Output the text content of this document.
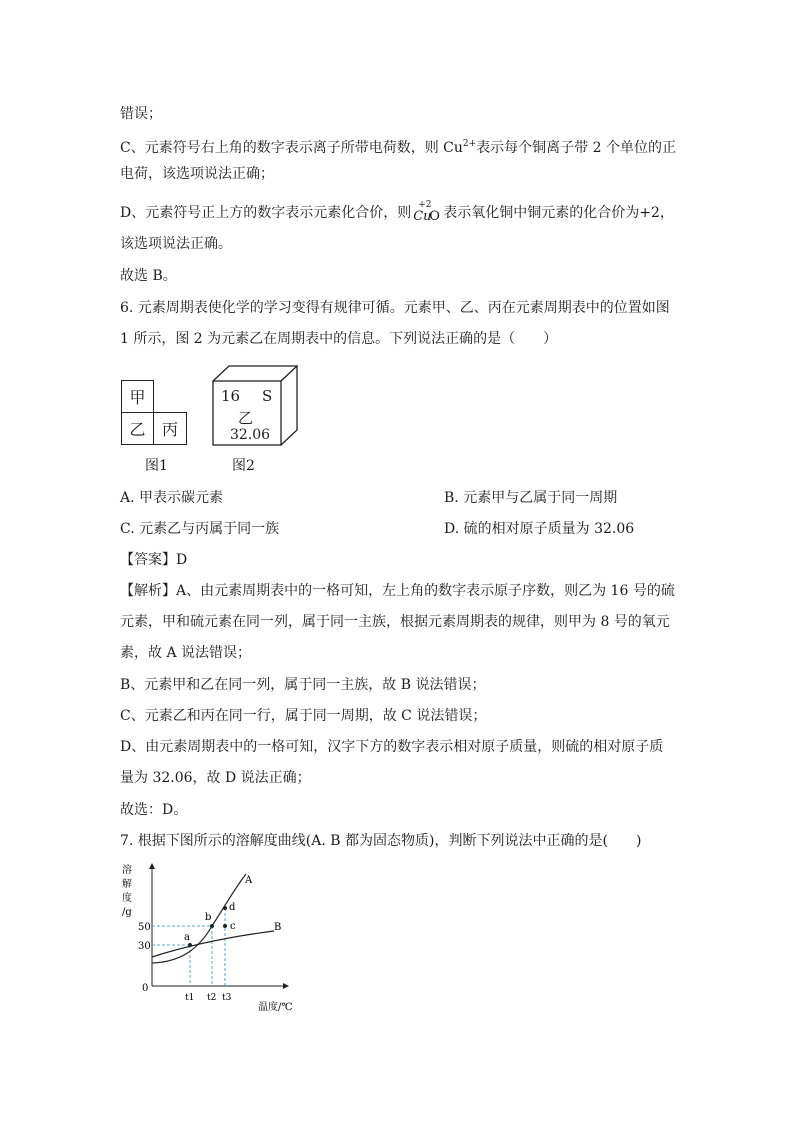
错误；
C、元素符号右上角的数字表示离子所带电荷数，则 $Cu^{2+}$表示每个铜离子带 2 个单位的正
电荷，该选项说法正确；
D、元素符号正上方的数字表示元素化合价，则 +2
Cu
O 表示氧化铜中铜元素的化合价为+2，
该选项说法正确。
故选 B。
6. 元素周期表使化学的学习变得有规律可循。元素甲、乙、丙在元素周期表中的位置如图
1 所示，图 2 为元素乙在周期表中的信息。下列说法正确的是（　　）
甲
乙 丙
图1
16 S
乙
32.06
图2
A. 甲表示碳元素	B. 元素甲与乙属于同一周期
C. 元素乙与丙属于同一族	D. 硫的相对原子质量为 32.06
【答案】D
【解析】A、由元素周期表中的一格可知，左上角的数字表示原子序数，则乙为 16 号的硫
元素，甲和硫元素在同一列，属于同一主族，根据元素周期表的规律，则甲为 8 号的氧元
素，故 A 说法错误；
B、元素甲和乙在同一列，属于同一主族，故 B 说法错误；
C、元素乙和丙在同一行，属于同一周期，故 C 说法错误；
D、由元素周期表中的一格可知，汉字下方的数字表示相对原子质量，则硫的相对原子质
量为 32.06，故 D 说法正确；
故选：D。
7. 根据下图所示的溶解度曲线(A. B 都为固态物质)，判断下列说法中正确的是(　　)
溶
解
度
/g
0
50
30
A
B
a
b
c
d
t1 t2 t3
温度/℃
